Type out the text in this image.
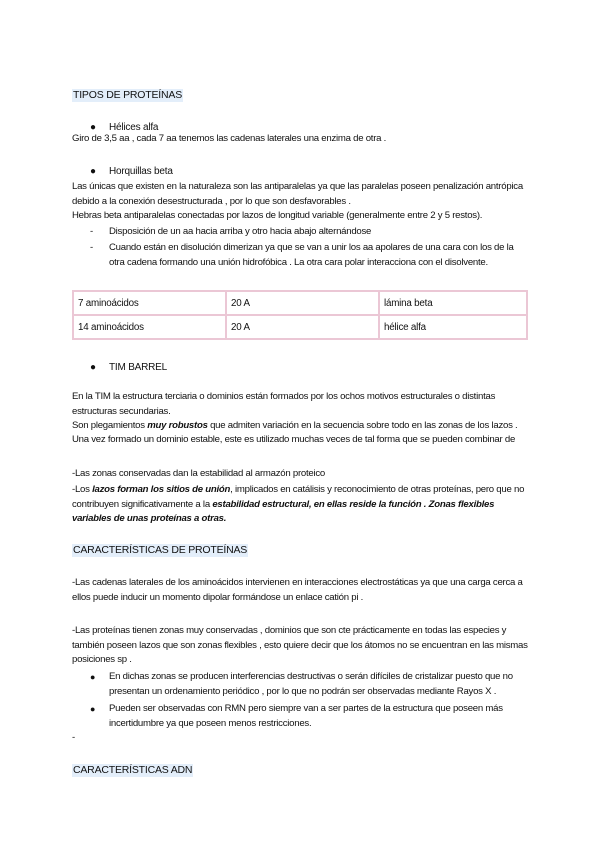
TIPOS DE PROTEÍNAS
● Hélices alfa
Giro de 3,5 aa , cada 7 aa tenemos las cadenas laterales una enzima de otra .
● Horquillas beta
Las únicas que existen en la naturaleza son las antiparalelas ya que las paralelas poseen penalización antrópica debido a la conexión desestructurada , por lo que son desfavorables .
Hebras beta antiparalelas conectadas por lazos de longitud variable (generalmente entre 2 y 5 restos).
- Disposición de un aa hacia arriba y otro hacia abajo alternándose
- Cuando están en disolución dimerizan ya que se van a unir los aa apolares de una cara con los de la otra cadena formando una unión hidrofóbica . La otra cara polar interacciona con el disolvente.
7 aminoácidos	20 A	lámina beta
14 aminoácidos	20 A	hélice alfa
● TIM BARREL
En la TIM la estructura terciaria o dominios están formados por los ochos motivos estructurales o distintas estructuras secundarias.
Son plegamientos muy robustos que admiten variación en la secuencia sobre todo en las zonas de los lazos .
Una vez formado un dominio estable, este es utilizado muchas veces de tal forma que se pueden combinar de
-Las zonas conservadas dan la estabilidad al armazón proteico
-Los lazos forman los sitios de unión, implicados en catálisis y reconocimiento de otras proteínas, pero que no contribuyen significativamente a la estabilidad estructural, en ellas reside la función . Zonas flexibles variables de unas proteínas a otras.
CARACTERÍSTICAS DE PROTEÍNAS
-Las cadenas laterales de los aminoácidos intervienen en interacciones electrostáticas ya que una carga cerca a ellos puede inducir un momento dipolar formándose un enlace catión pi .
-Las proteínas tienen zonas muy conservadas , dominios que son cte prácticamente en todas las especies y también poseen lazos que son zonas flexibles , esto quiere decir que los átomos no se encuentran en las mismas posiciones sp .
● En dichas zonas se producen interferencias destructivas o serán difíciles de cristalizar puesto que no presentan un ordenamiento periódico , por lo que no podrán ser observadas mediante Rayos X .
● Pueden ser observadas con RMN pero siempre van a ser partes de la estructura que poseen más incertidumbre ya que poseen menos restricciones.
-
CARACTERÍSTICAS ADN
